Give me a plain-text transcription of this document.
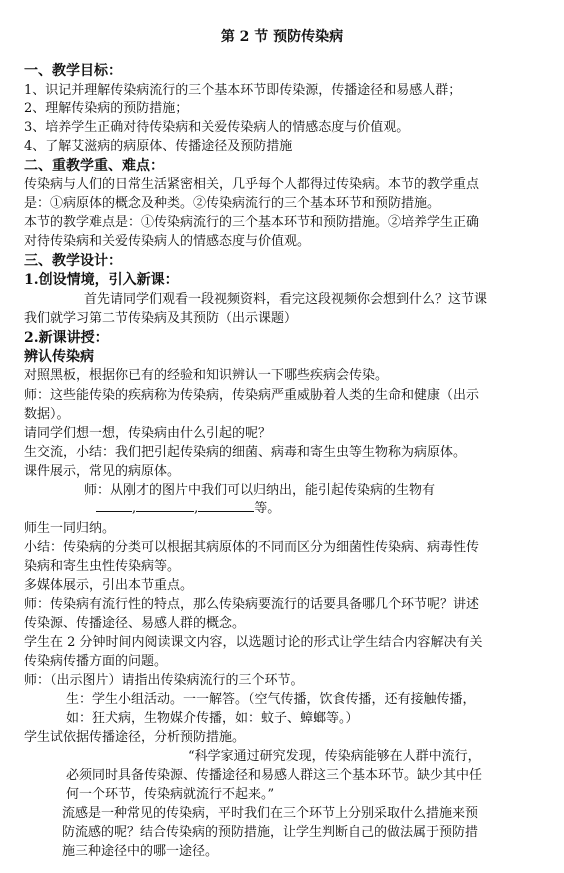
第 2 节 预防传染病
一、教学目标：
1、识记并理解传染病流行的三个基本环节即传染源，传播途径和易感人群；
2、理解传染病的预防措施；
3、培养学生正确对待传染病和关爱传染病人的情感态度与价值观。
4、了解艾滋病的病原体、传播途径及预防措施
二、重教学重、难点：
传染病与人们的日常生活紧密相关，几乎每个人都得过传染病。本节的教学重点
是：①病原体的概念及种类。②传染病流行的三个基本环节和预防措施。
本节的教学难点是：①传染病流行的三个基本环节和预防措施。②培养学生正确
对待传染病和关爱传染病人的情感态度与价值观。
三、教学设计：
1.创设情境，引入新课：
首先请同学们观看一段视频资料，看完这段视频你会想到什么？这节课
我们就学习第二节传染病及其预防（出示课题）
2.新课讲授：
辨认传染病
对照黑板，根据你已有的经验和知识辨认一下哪些疾病会传染。
师：这些能传染的疾病称为传染病，传染病严重威胁着人类的生命和健康（出示
数据）。
请同学们想一想，传染病由什么引起的呢？
生交流，小结：我们把引起传染病的细菌、病毒和寄生虫等生物称为病原体。
课件展示，常见的病原体。
师：从刚才的图片中我们可以归纳出，能引起传染病的生物有
,	,	等。
师生一同归纳。
小结：传染病的分类可以根据其病原体的不同而区分为细菌性传染病、病毒性传
染病和寄生虫性传染病等。
多媒体展示，引出本节重点。
师：传染病有流行性的特点，那么传染病要流行的话要具备哪几个环节呢？讲述
传染源、传播途径、易感人群的概念。
学生在 2 分钟时间内阅读课文内容，以选题讨论的形式让学生结合内容解决有关
传染病传播方面的问题。
师：（出示图片）请指出传染病流行的三个环节。
生：学生小组活动。一一解答。（空气传播，饮食传播，还有接触传播，
如：狂犬病，生物媒介传播，如：蚊子、蟑螂等。）
学生试依据传播途径，分析预防措施。
“科学家通过研究发现，传染病能够在人群中流行，
必须同时具备传染源、传播途径和易感人群这三个基本环节。缺少其中任
何一个环节，传染病就流行不起来。”
流感是一种常见的传染病，平时我们在三个环节上分别采取什么措施来预
防流感的呢？结合传染病的预防措施，让学生判断自己的做法属于预防措
施三种途径中的哪一途径。
